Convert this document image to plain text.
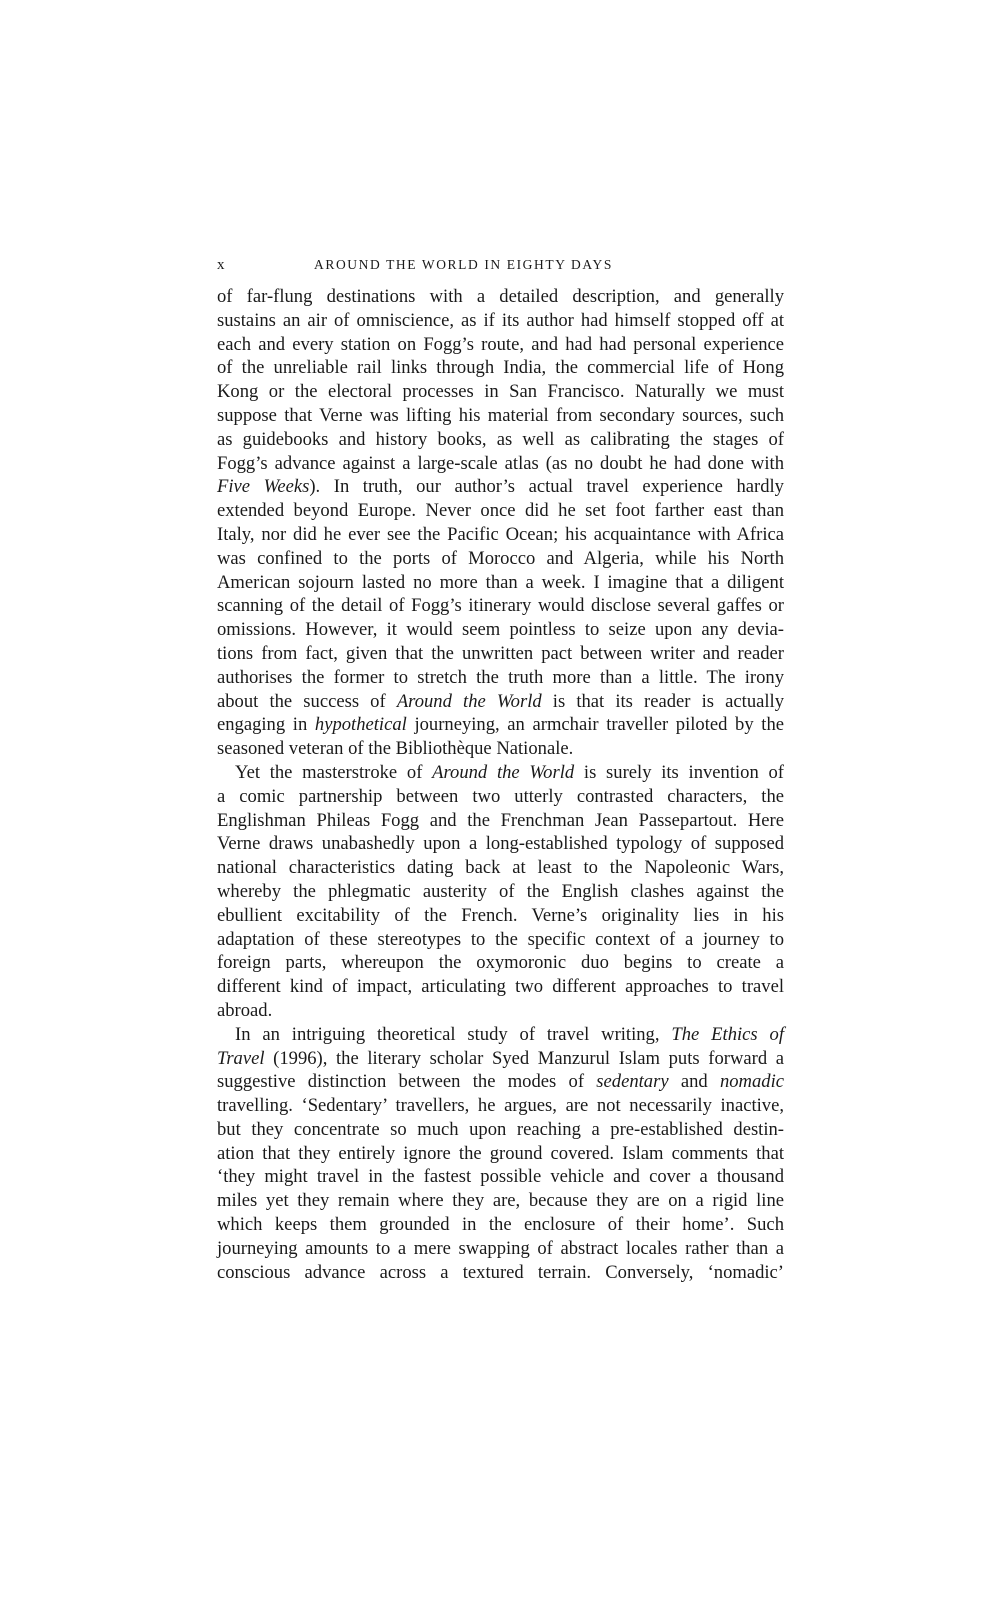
x	AROUND THE WORLD IN EIGHTY DAYS
of far-flung destinations with a detailed description, and generally
sustains an air of omniscience, as if its author had himself stopped off at
each and every station on Fogg’s route, and had had personal experience
of the unreliable rail links through India, the commercial life of Hong
Kong or the electoral processes in San Francisco. Naturally we must
suppose that Verne was lifting his material from secondary sources, such
as guidebooks and history books, as well as calibrating the stages of
Fogg’s advance against a large-scale atlas (as no doubt he had done with
Five Weeks). In truth, our author’s actual travel experience hardly
extended beyond Europe. Never once did he set foot farther east than
Italy, nor did he ever see the Pacific Ocean; his acquaintance with Africa
was confined to the ports of Morocco and Algeria, while his North
American sojourn lasted no more than a week. I imagine that a diligent
scanning of the detail of Fogg’s itinerary would disclose several gaffes or
omissions. However, it would seem pointless to seize upon any devia-
tions from fact, given that the unwritten pact between writer and reader
authorises the former to stretch the truth more than a little. The irony
about the success of Around the World is that its reader is actually
engaging in hypothetical journeying, an armchair traveller piloted by the
seasoned veteran of the Bibliothèque Nationale.
Yet the masterstroke of Around the World is surely its invention of
a comic partnership between two utterly contrasted characters, the
Englishman Phileas Fogg and the Frenchman Jean Passepartout. Here
Verne draws unabashedly upon a long-established typology of supposed
national characteristics dating back at least to the Napoleonic Wars,
whereby the phlegmatic austerity of the English clashes against the
ebullient excitability of the French. Verne’s originality lies in his
adaptation of these stereotypes to the specific context of a journey to
foreign parts, whereupon the oxymoronic duo begins to create a
different kind of impact, articulating two different approaches to travel
abroad.
In an intriguing theoretical study of travel writing, The Ethics of
Travel (1996), the literary scholar Syed Manzurul Islam puts forward a
suggestive distinction between the modes of sedentary and nomadic
travelling. ‘Sedentary’ travellers, he argues, are not necessarily inactive,
but they concentrate so much upon reaching a pre-established destin-
ation that they entirely ignore the ground covered. Islam comments that
‘they might travel in the fastest possible vehicle and cover a thousand
miles yet they remain where they are, because they are on a rigid line
which keeps them grounded in the enclosure of their home’. Such
journeying amounts to a mere swapping of abstract locales rather than a
conscious advance across a textured terrain. Conversely, ‘nomadic’
